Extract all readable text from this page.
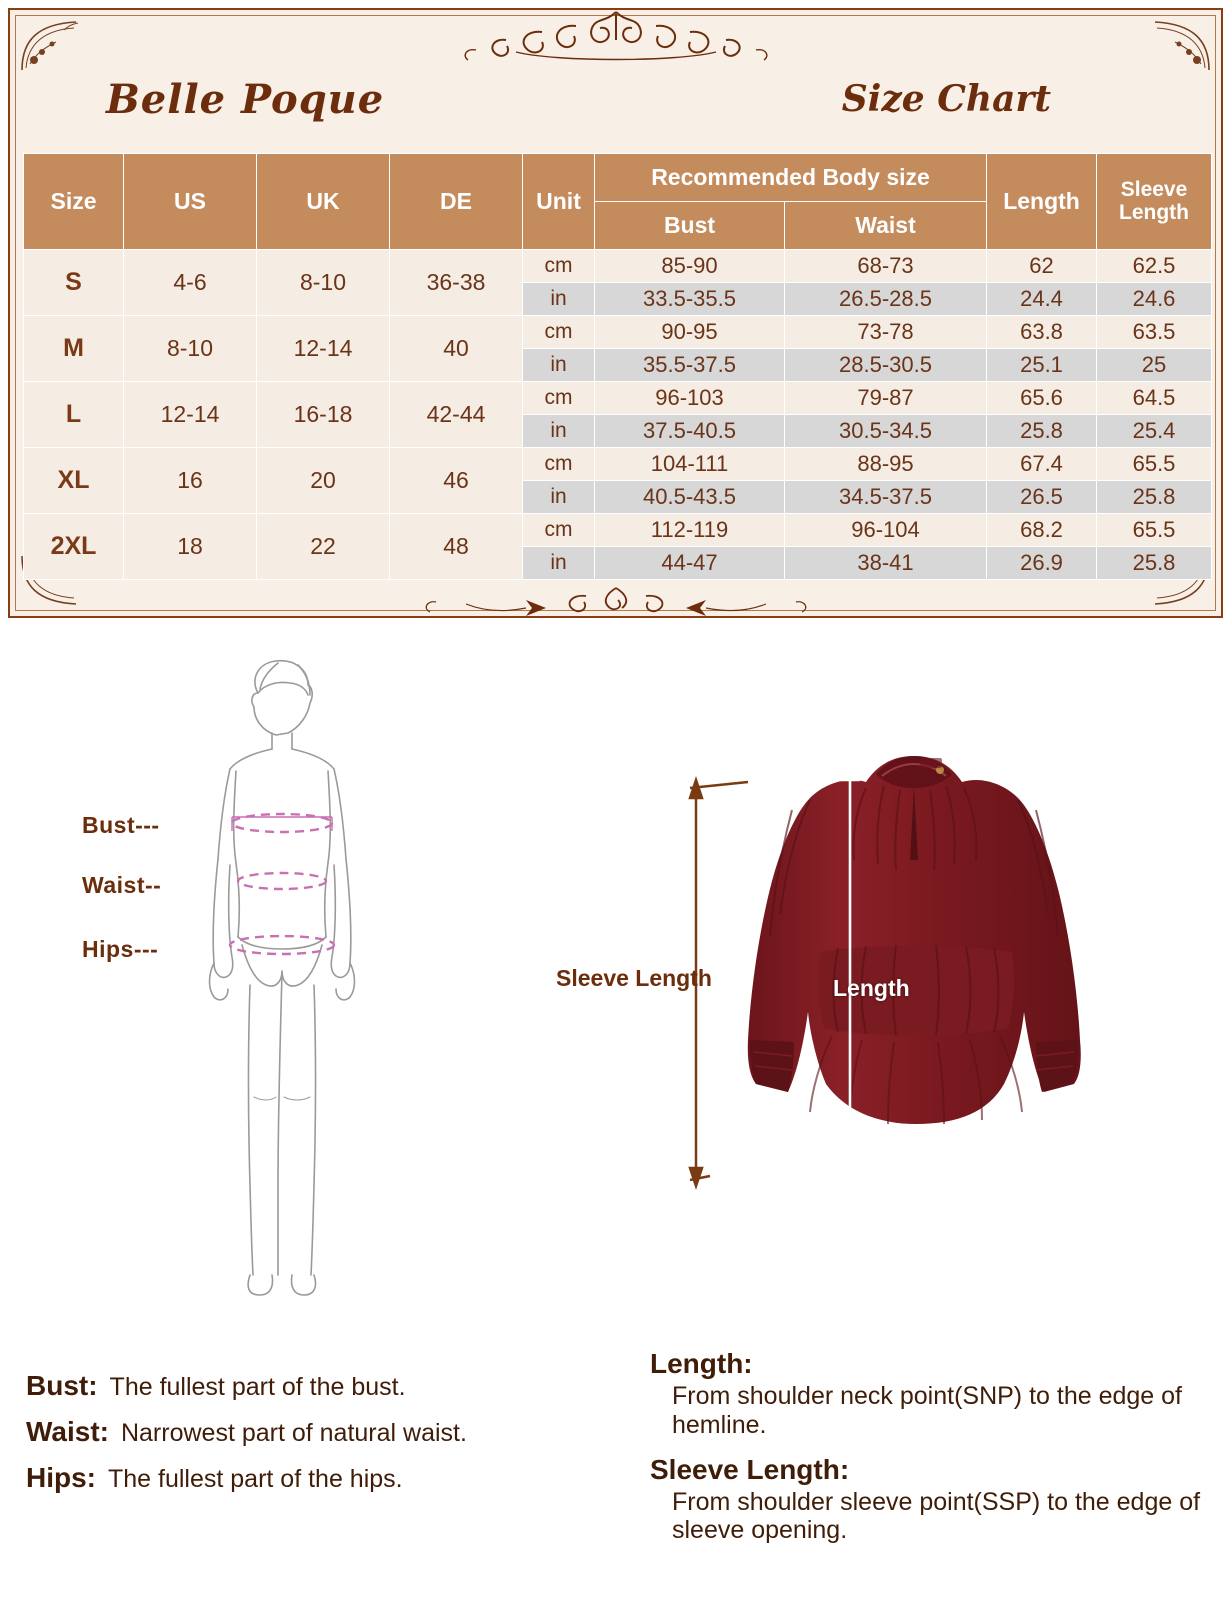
Belle Poque	Size Chart
Size	US	UK	DE	Unit	Recommended Body size		Length	Sleeve Length
					Bust	Waist		
S	4-6	8-10	36-38	cm	85-90	68-73	62	62.5
				in	33.5-35.5	26.5-28.5	24.4	24.6
M	8-10	12-14	40	cm	90-95	73-78	63.8	63.5
				in	35.5-37.5	28.5-30.5	25.1	25
L	12-14	16-18	42-44	cm	96-103	79-87	65.6	64.5
				in	37.5-40.5	30.5-34.5	25.8	25.4
XL	16	20	46	cm	104-111	88-95	67.4	65.5
				in	40.5-43.5	34.5-37.5	26.5	25.8
2XL	18	22	48	cm	112-119	96-104	68.2	65.5
				in	44-47	38-41	26.9	25.8
Bust---
Waist--
Hips---
Sleeve Length	Length
Bust: The fullest part of the bust.
Waist: Narrowest part of natural waist.
Hips: The fullest part of the hips.
Length:
From shoulder neck point(SNP) to the edge of hemline.
Sleeve Length:
From shoulder sleeve point(SSP) to the edge of sleeve opening.
